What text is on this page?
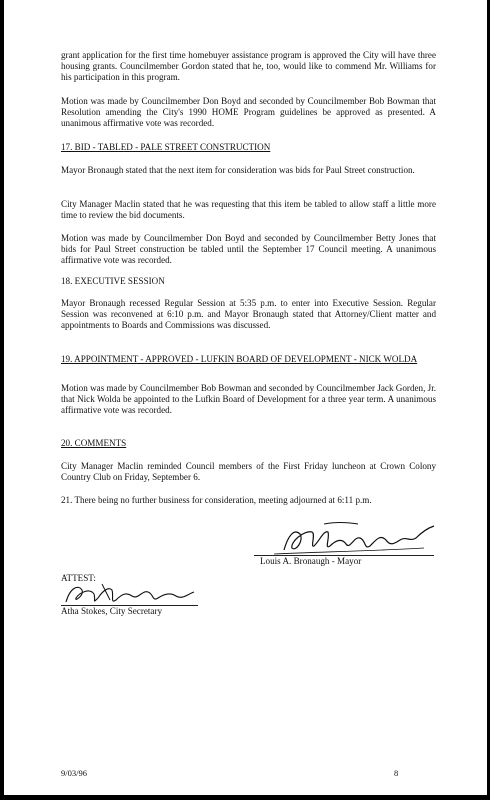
grant application for the first time homebuyer assistance program is approved the City will have three housing grants. Councilmember Gordon stated that he, too, would like to commend Mr. Williams for his participation in this program.

Motion was made by Councilmember Don Boyd and seconded by Councilmember Bob Bowman that Resolution amending the City's 1990 HOME Program guidelines be approved as presented. A unanimous affirmative vote was recorded.

17. BID - TABLED - PALE STREET CONSTRUCTION

Mayor Bronaugh stated that the next item for consideration was bids for Paul Street construction.

City Manager Maclin stated that he was requesting that this item be tabled to allow staff a little more time to review the bid documents.

Motion was made by Councilmember Don Boyd and seconded by Councilmember Betty Jones that bids for Paul Street construction be tabled until the September 17 Council meeting. A unanimous affirmative vote was recorded.

18. EXECUTIVE SESSION

Mayor Bronaugh recessed Regular Session at 5:35 p.m. to enter into Executive Session. Regular Session was reconvened at 6:10 p.m. and Mayor Bronaugh stated that Attorney/Client matter and appointments to Boards and Commissions was discussed.

19. APPOINTMENT - APPROVED - LUFKIN BOARD OF DEVELOPMENT - NICK WOLDA

Motion was made by Councilmember Bob Bowman and seconded by Councilmember Jack Gorden, Jr. that Nick Wolda be appointed to the Lufkin Board of Development for a three year term. A unanimous affirmative vote was recorded.

20. COMMENTS

City Manager Maclin reminded Council members of the First Friday luncheon at Crown Colony Country Club on Friday, September 6.

21. There being no further business for consideration, meeting adjourned at 6:11 p.m.

Louis A. Bronaugh - Mayor
ATTEST:
Atha Stokes, City Secretary
9/03/96	8
